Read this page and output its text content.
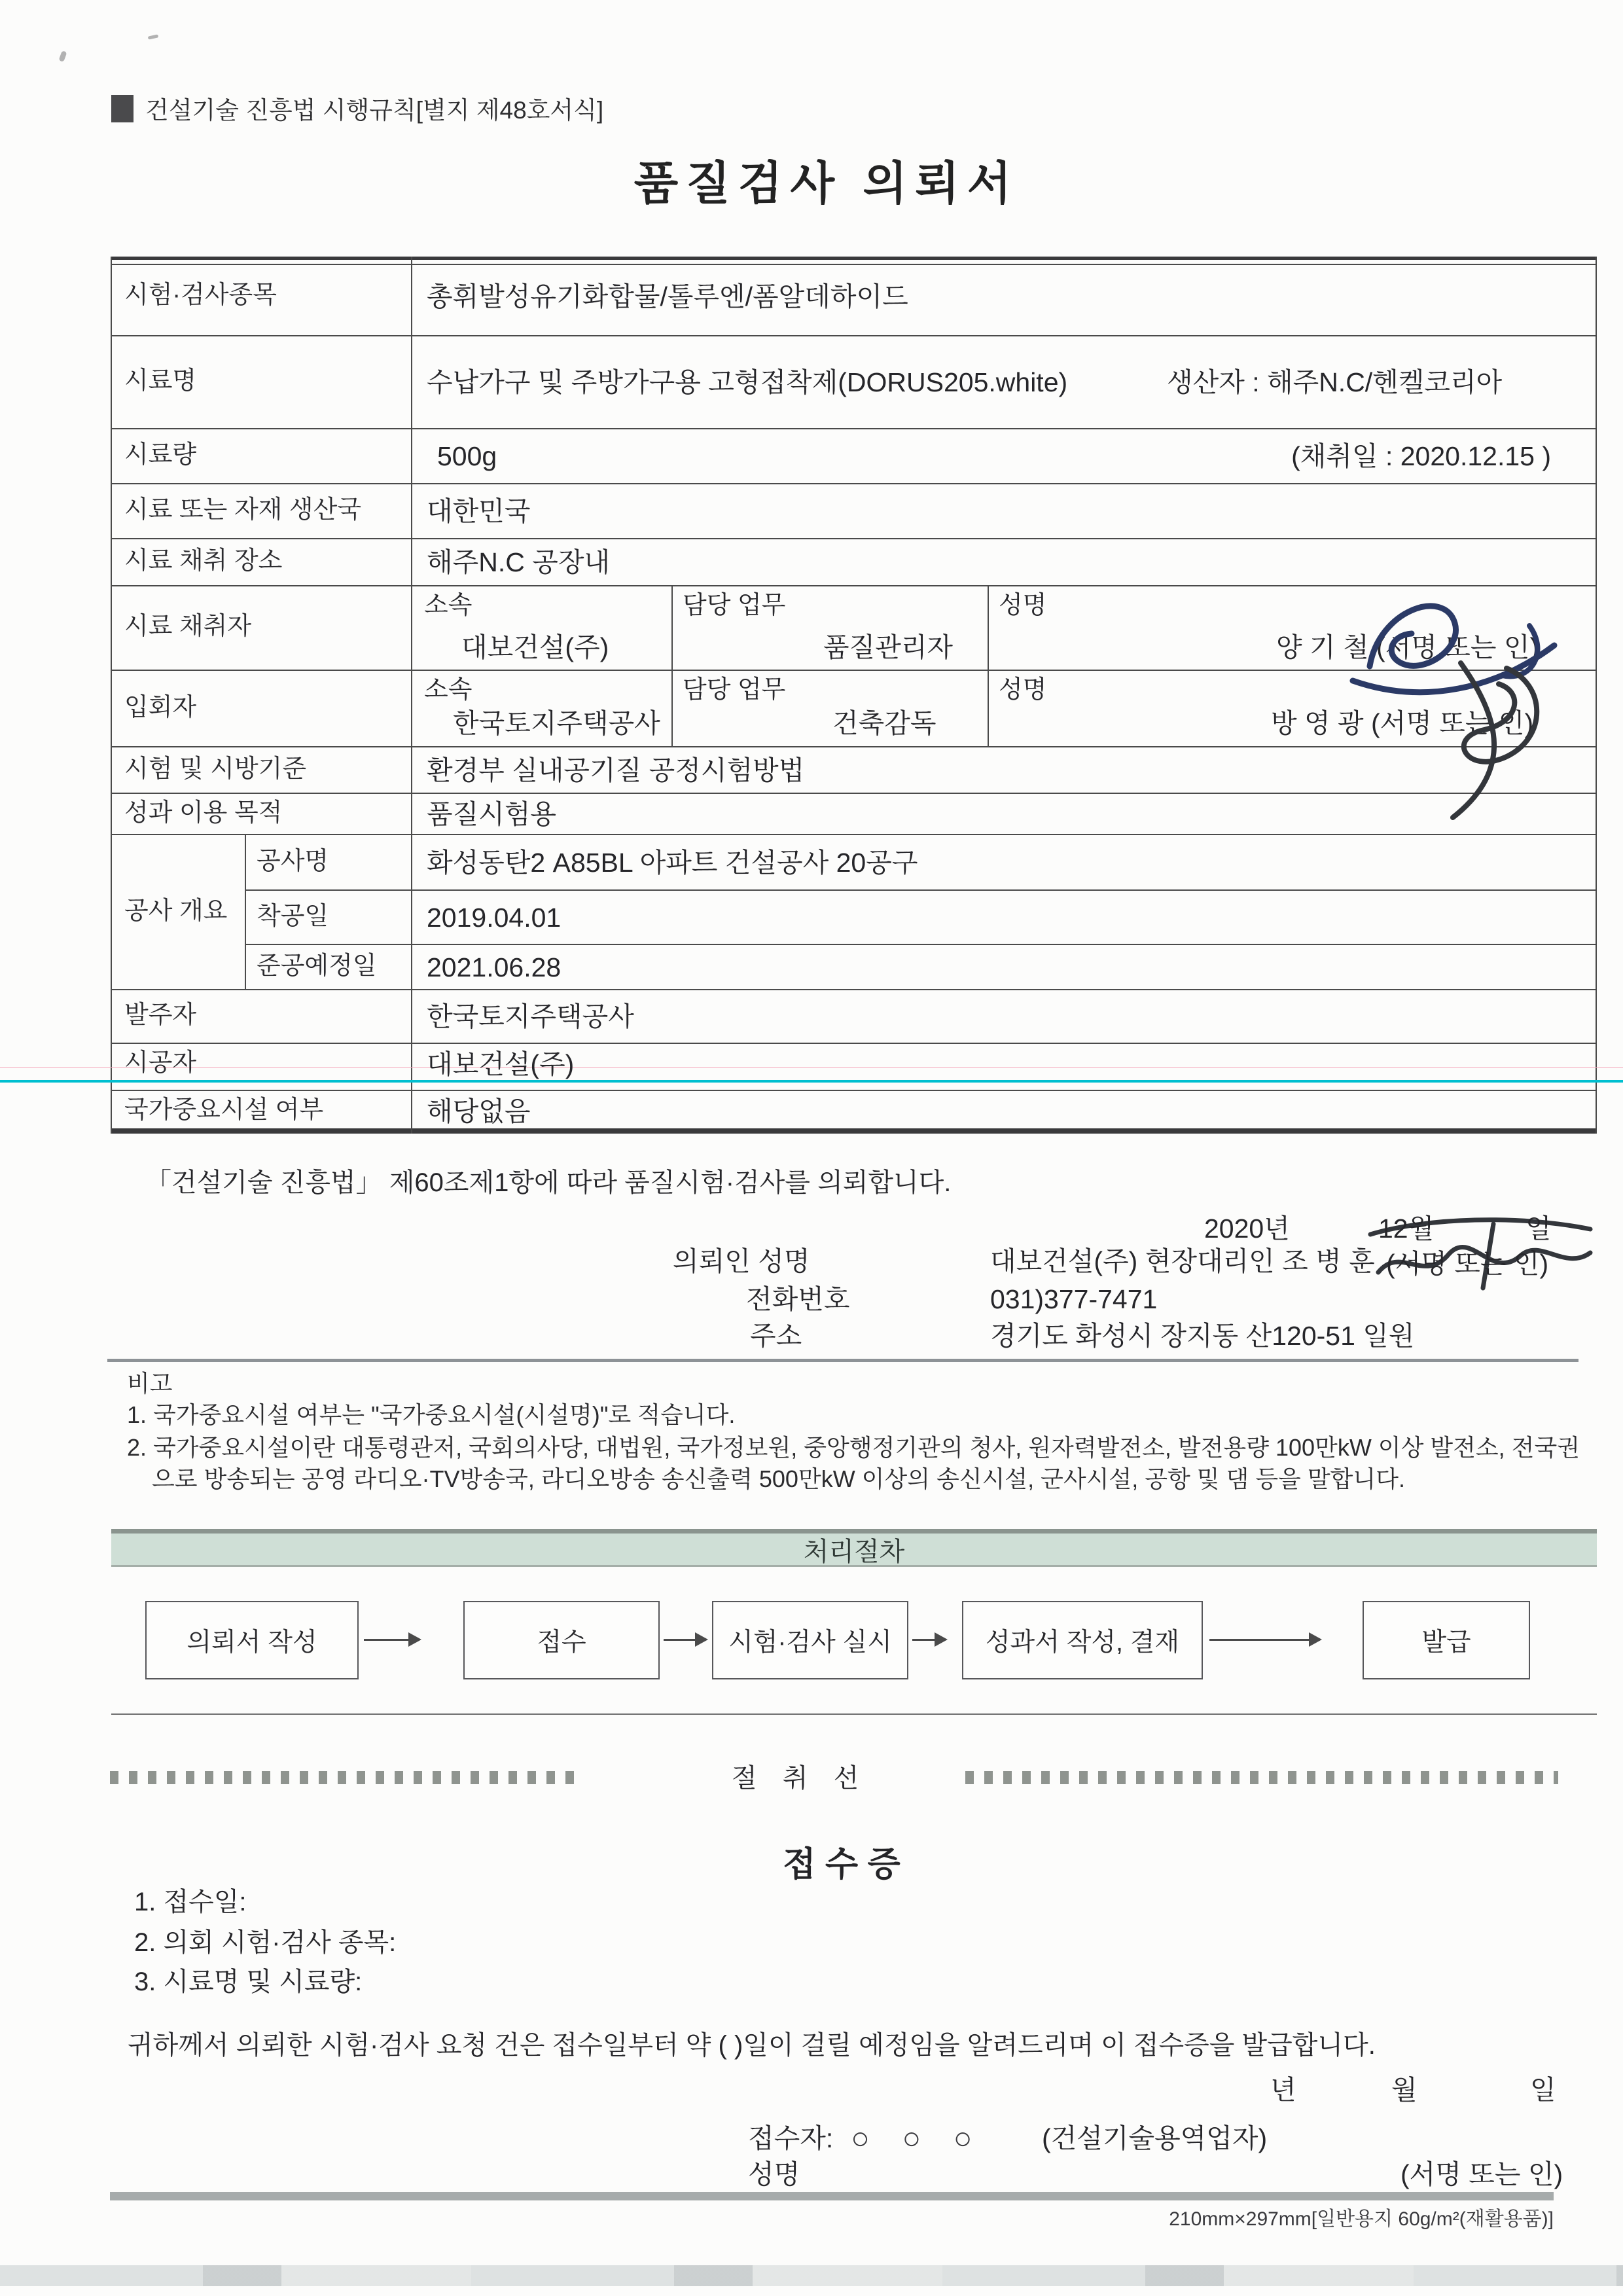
건설기술 진흥법 시행규칙[별지 제48호서식]
품질검사 의뢰서
시험·검사종목	총휘발성유기화합물/톨루엔/폼알데하이드
시료명	수납가구 및 주방가구용 고형접착제(DORUS205.white)	생산자 : 해주N.C/헨켈코리아
시료량	500g	(채취일 : 2020.12.15 )
시료 또는 자재 생산국 대한민국
시료 채취 장소	해주N.C 공장내
시료 채취자
소속	담당 업무	성명
대보건설(주)	품질관리자	양 기 철 (서명 또는 인)
입회자
소속	담당 업무	성명
한국토지주택공사	건축감독	방 영 광 (서명 또는 인)
시험 및 시방기준	환경부 실내공기질 공정시험방법
성과 이용 목적	품질시험용
공사 개요
공사명	화성동탄2 A85BL 아파트 건설공사 20공구
착공일	2019.04.01
준공예정일 2021.06.28
발주자	한국토지주택공사
시공자	대보건설(주)
국가중요시설 여부	해당없음
「건설기술 진흥법」 제60조제1항에 따라 품질시험·검사를 의뢰합니다.
2020년	12월	일
의뢰인 성명	대보건설(주) 현장대리인 조 병 훈 (서명 또는 인)
전화번호	031)377-7471
주소	경기도 화성시 장지동 산120-51 일원
비고
1. 국가중요시설 여부는 "국가중요시설(시설명)"로 적습니다.
2. 국가중요시설이란 대통령관저, 국회의사당, 대법원, 국가정보원, 중앙행정기관의 청사, 원자력발전소, 발전용량 100만kW 이상 발전소, 전국권으로 방송되는 공영 라디오·TV방송국, 라디오방송 송신출력 500만kW 이상의 송신시설, 군사시설, 공항 및 댐 등을 말합니다.
처리절차
의뢰서 작성	접수	시험·검사 실시	성과서 작성, 결재	발급
절 취 선
접 수 증
1. 접수일:
2. 의회 시험·검사 종목:
3. 시료명 및 시료량:
귀하께서 의뢰한 시험·검사 요청 건은 접수일부터 약 ( )일이 걸릴 예정임을 알려드리며 이 접수증을 발급합니다.
년	월	일
접수자: ○ ○ ○ (건설기술용역업자)
성명	(서명 또는 인)
210mm×297mm[일반용지 60g/m²(재활용품)]
